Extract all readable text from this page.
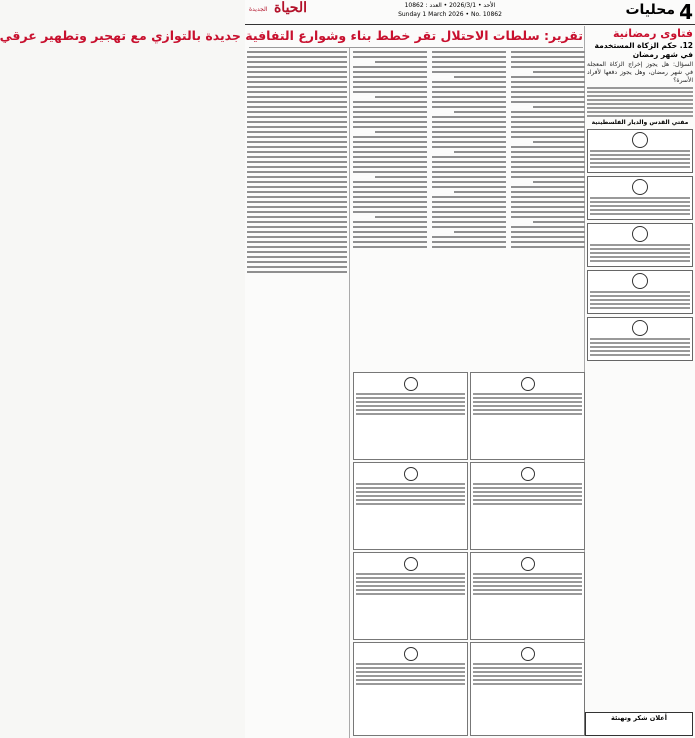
4
محليات
الأحد • 2026/3/1 • العدد : 10862
Sunday 1 March 2026 • No. 10862
الحياة
الجديدة
تقرير: سلطات الاحتلال تقر خطط بناء وشوارع التفافية جديدة بالتوازي مع تهجير وتطهير عرقي	فتاوى رمضانية
12. حكم الزكاة المستخدمة في شهر رمضان
السؤال: هل يجوز إخراج الزكاة المعجلة في شهر رمضان، وهل يجوز دفعها لأفراد الأسرة؟
مفتي القدس والديار الفلسطينية
أعلان شكر وتهنئة
